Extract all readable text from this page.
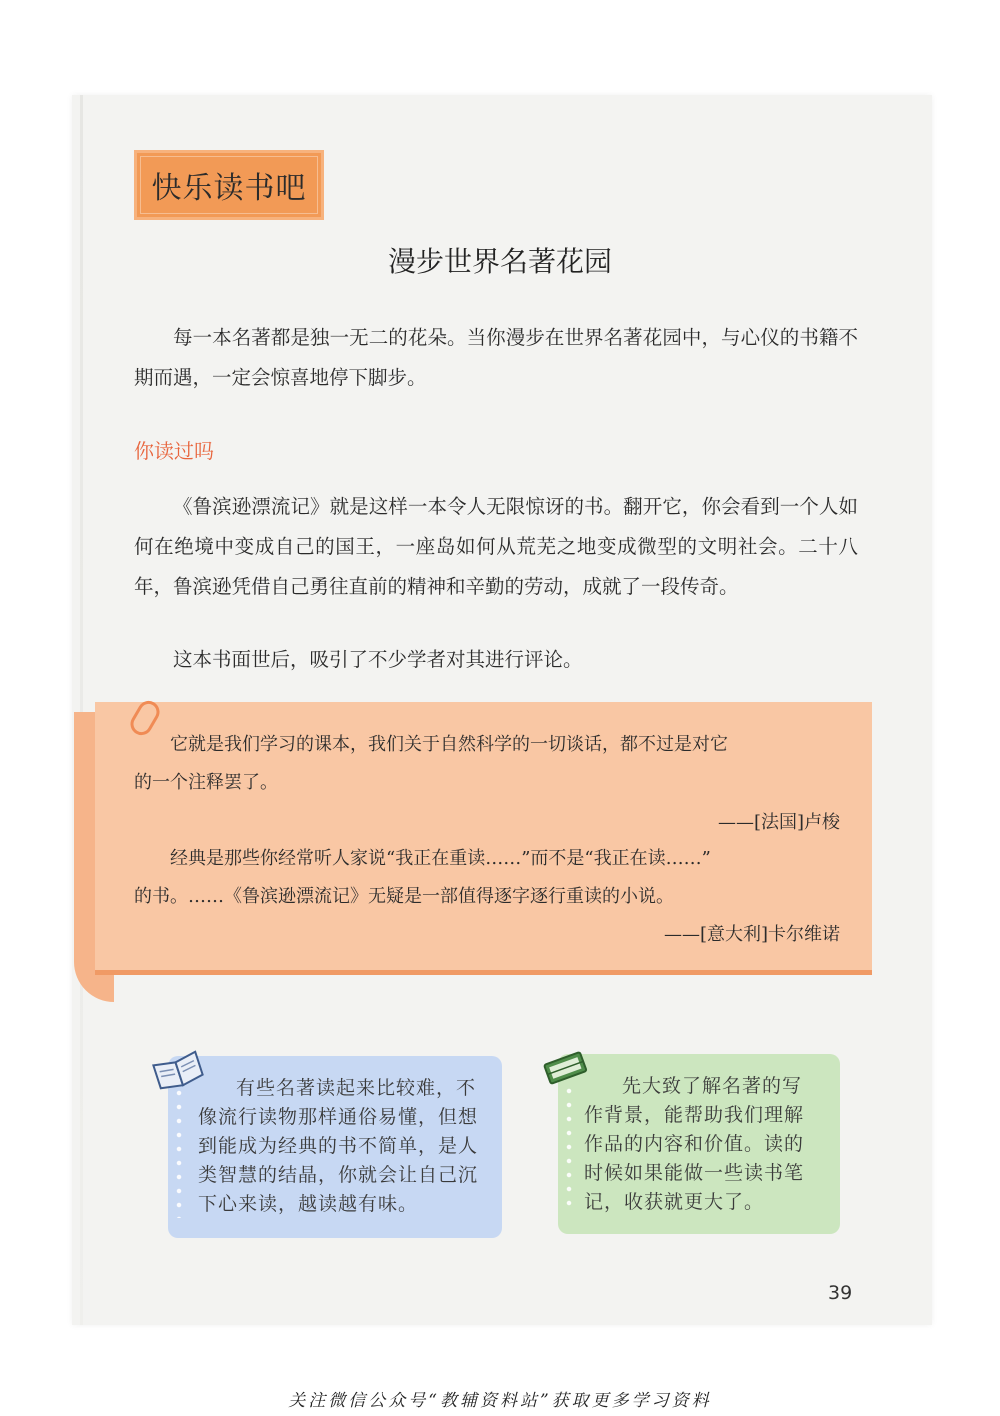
快乐读书吧
漫步世界名著花园
每一本名著都是独一无二的花朵。当你漫步在世界名著花园中，与心仪的书籍不期而遇，一定会惊喜地停下脚步。
你读过吗
《鲁滨逊漂流记》就是这样一本令人无限惊讶的书。翻开它，你会看到一个人如何在绝境中变成自己的国王，一座岛如何从荒芜之地变成微型的文明社会。二十八年，鲁滨逊凭借自己勇往直前的精神和辛勤的劳动，成就了一段传奇。
这本书面世后，吸引了不少学者对其进行评论。
它就是我们学习的课本，我们关于自然科学的一切谈话，都不过是对它
的一个注释罢了。
——[法国]卢梭
经典是那些你经常听人家说“我正在重读……”而不是“我正在读……”
的书。……《鲁滨逊漂流记》无疑是一部值得逐字逐行重读的小说。
——[意大利]卡尔维诺

有些名著读起来比较难，不像流行读物那样通俗易懂，但想到能成为经典的书不简单，是人类智慧的结晶，你就会让自己沉下心来读，越读越有味。

先大致了解名著的写作背景，能帮助我们理解作品的内容和价值。读的时候如果能做一些读书笔记，收获就更大了。

39
关注微信公众号“教辅资料站”获取更多学习资料
